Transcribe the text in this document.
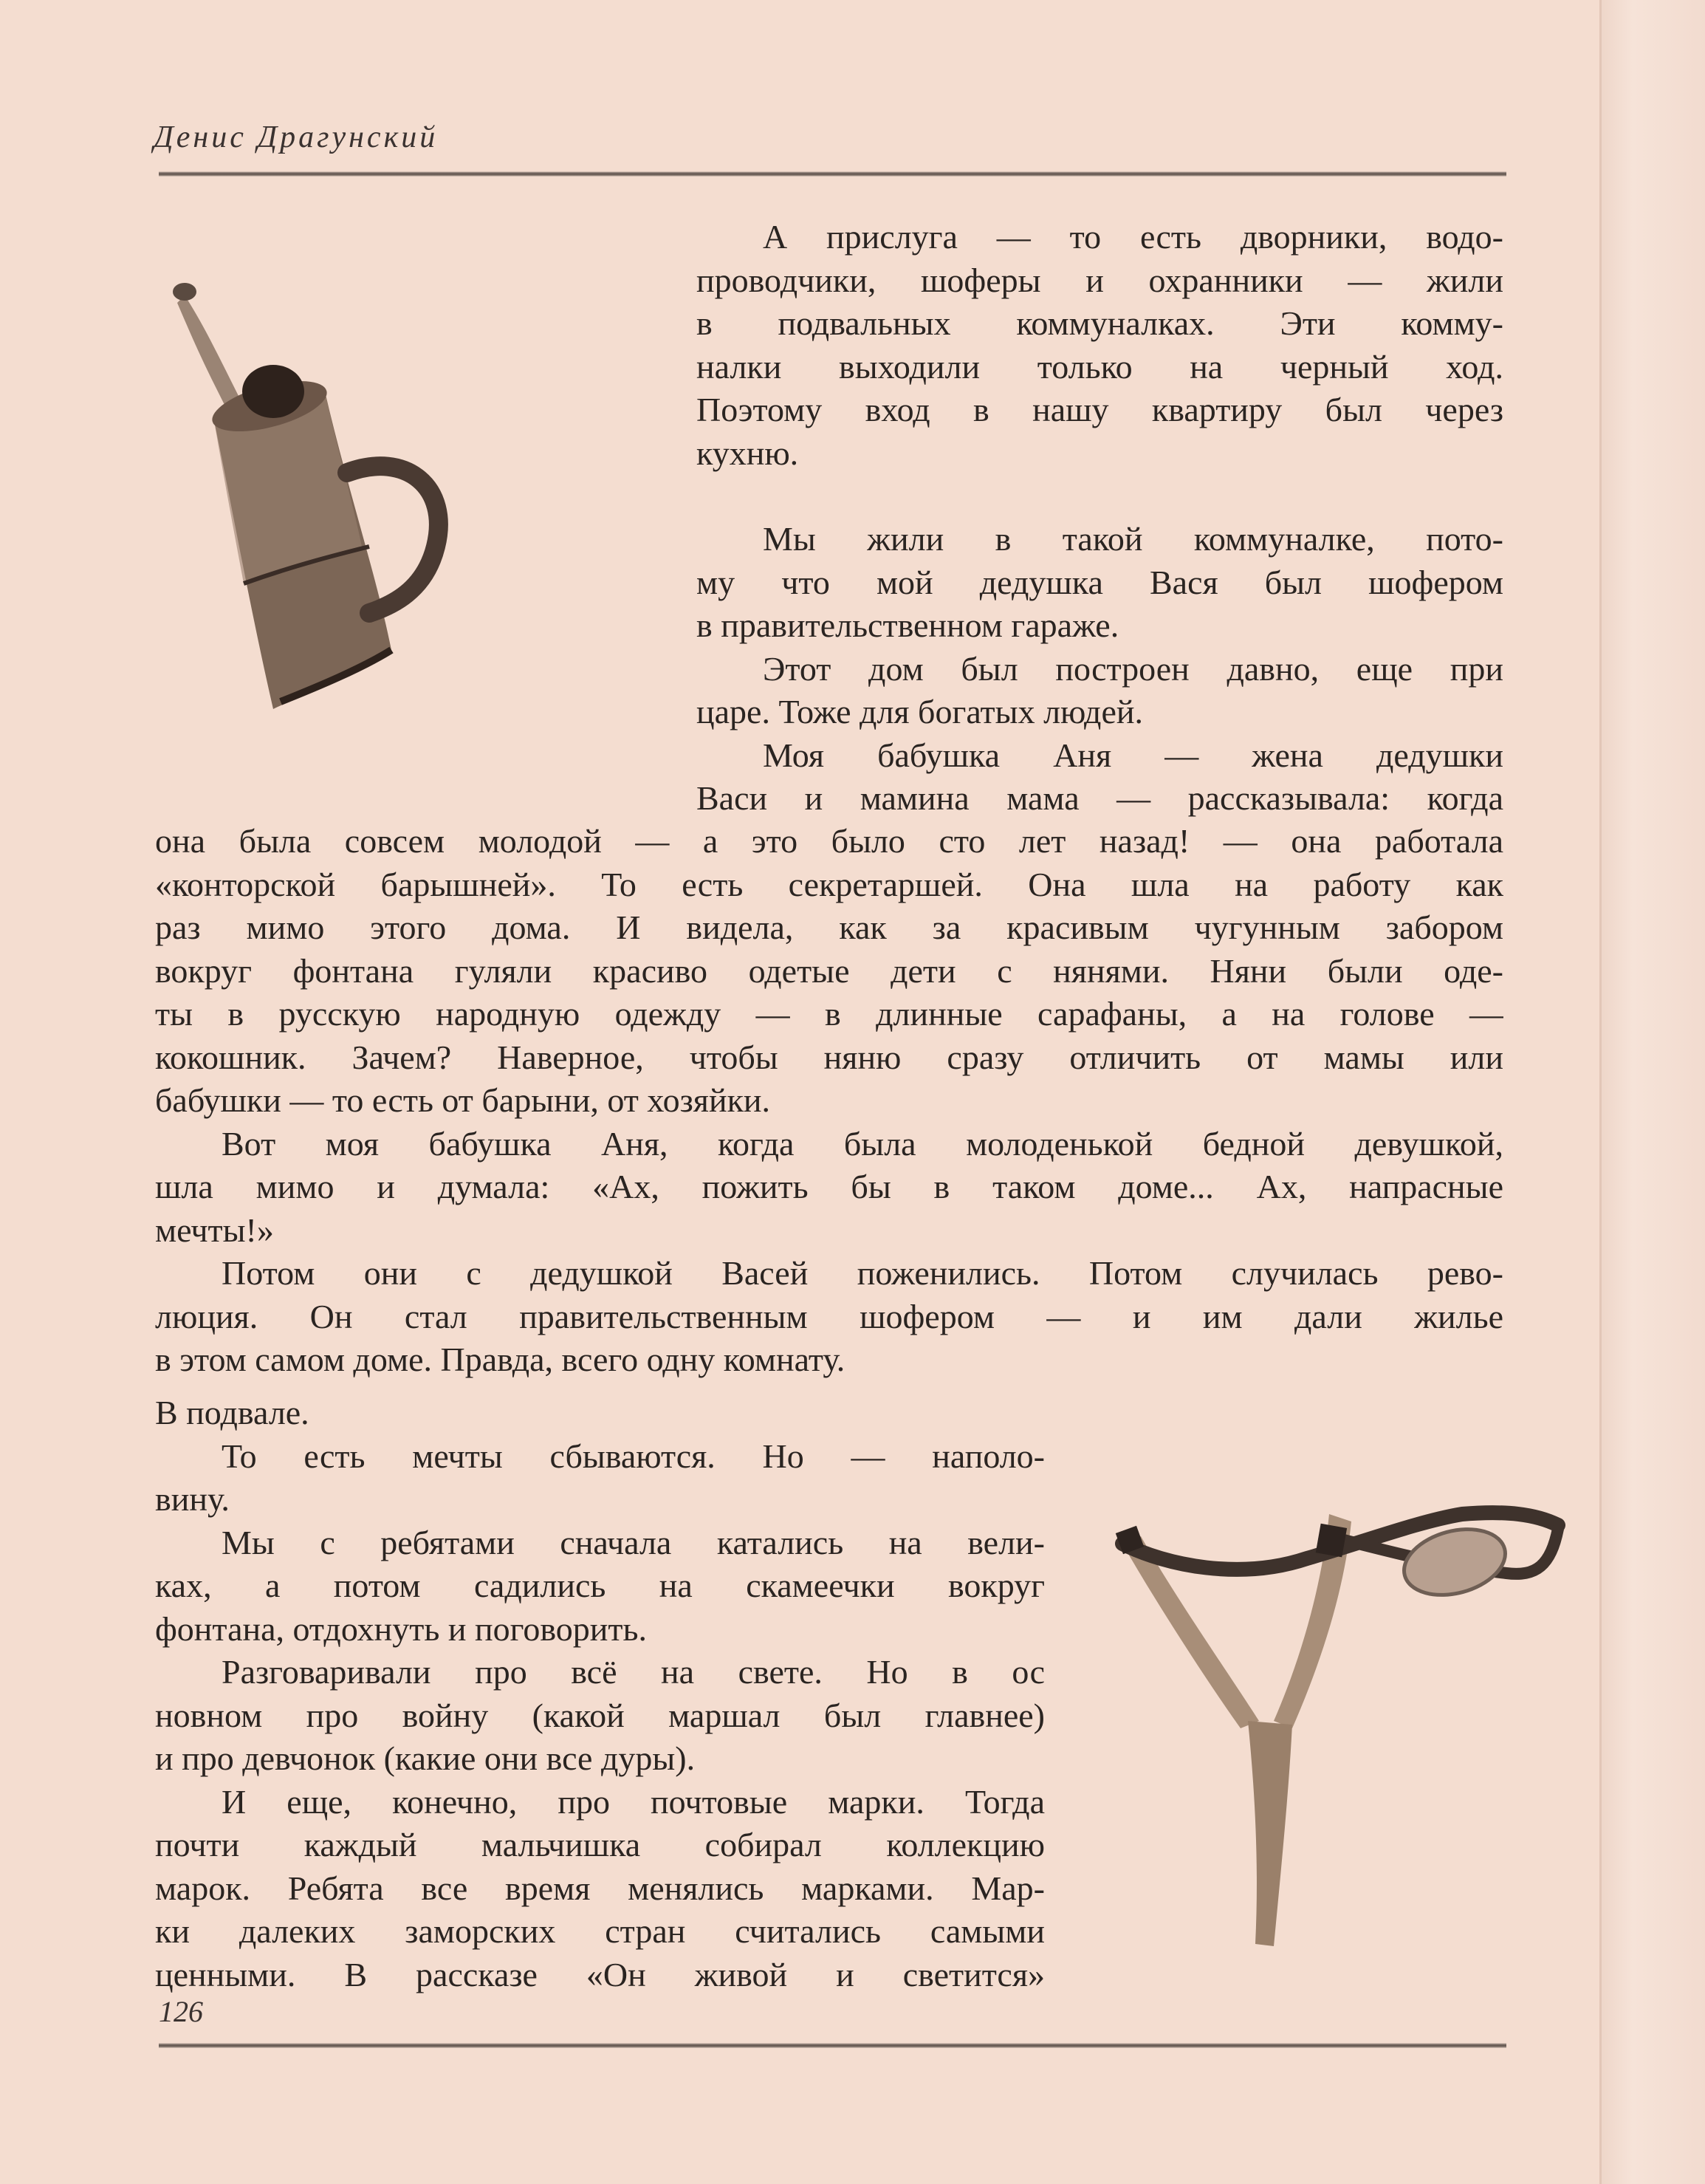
Денис Драгунский
А прислуга — то есть дворники, водо-
проводчики, шоферы и охранники — жили
в подвальных коммуналках. Эти комму-
налки выходили только на черный ход.
Поэтому вход в нашу квартиру был через
кухню.
Мы жили в такой коммуналке, пото-
му что мой дедушка Вася был шофером
в правительственном гараже.
Этот дом был построен давно, еще при
царе. Тоже для богатых людей.
Моя бабушка Аня — жена дедушки
Васи и мамина мама — рассказывала: когда
она была совсем молодой — а это было сто лет назад! — она работала
«конторской барышней». То есть секретаршей. Она шла на работу как
раз мимо этого дома. И видела, как за красивым чугунным забором
вокруг фонтана гуляли красиво одетые дети с нянями. Няни были оде-
ты в русскую народную одежду — в длинные сарафаны, а на голове —
кокошник. Зачем? Наверное, чтобы няню сразу отличить от мамы или
бабушки — то есть от барыни, от хозяйки.
Вот моя бабушка Аня, когда была молоденькой бедной девушкой,
шла мимо и думала: «Ах, пожить бы в таком доме... Ах, напрасные
мечты!»
Потом они с дедушкой Васей поженились. Потом случилась рево-
люция. Он стал правительственным шофером — и им дали жилье
в этом самом доме. Правда, всего одну комнату.
В подвале.
То есть мечты сбываются. Но — наполо-
вину.
Мы с ребятами сначала катались на вели-
ках, а потом садились на скамеечки вокруг
фонтана, отдохнуть и поговорить.
Разговаривали про всё на свете. Но в ос
новном про войну (какой маршал был главнее)
и про девчонок (какие они все дуры).
И еще, конечно, про почтовые марки. Тогда
почти каждый мальчишка собирал коллекцию
марок. Ребята все время менялись марками. Мар-
ки далеких заморских стран считались самыми
ценными. В рассказе «Он живой и светится»
126
